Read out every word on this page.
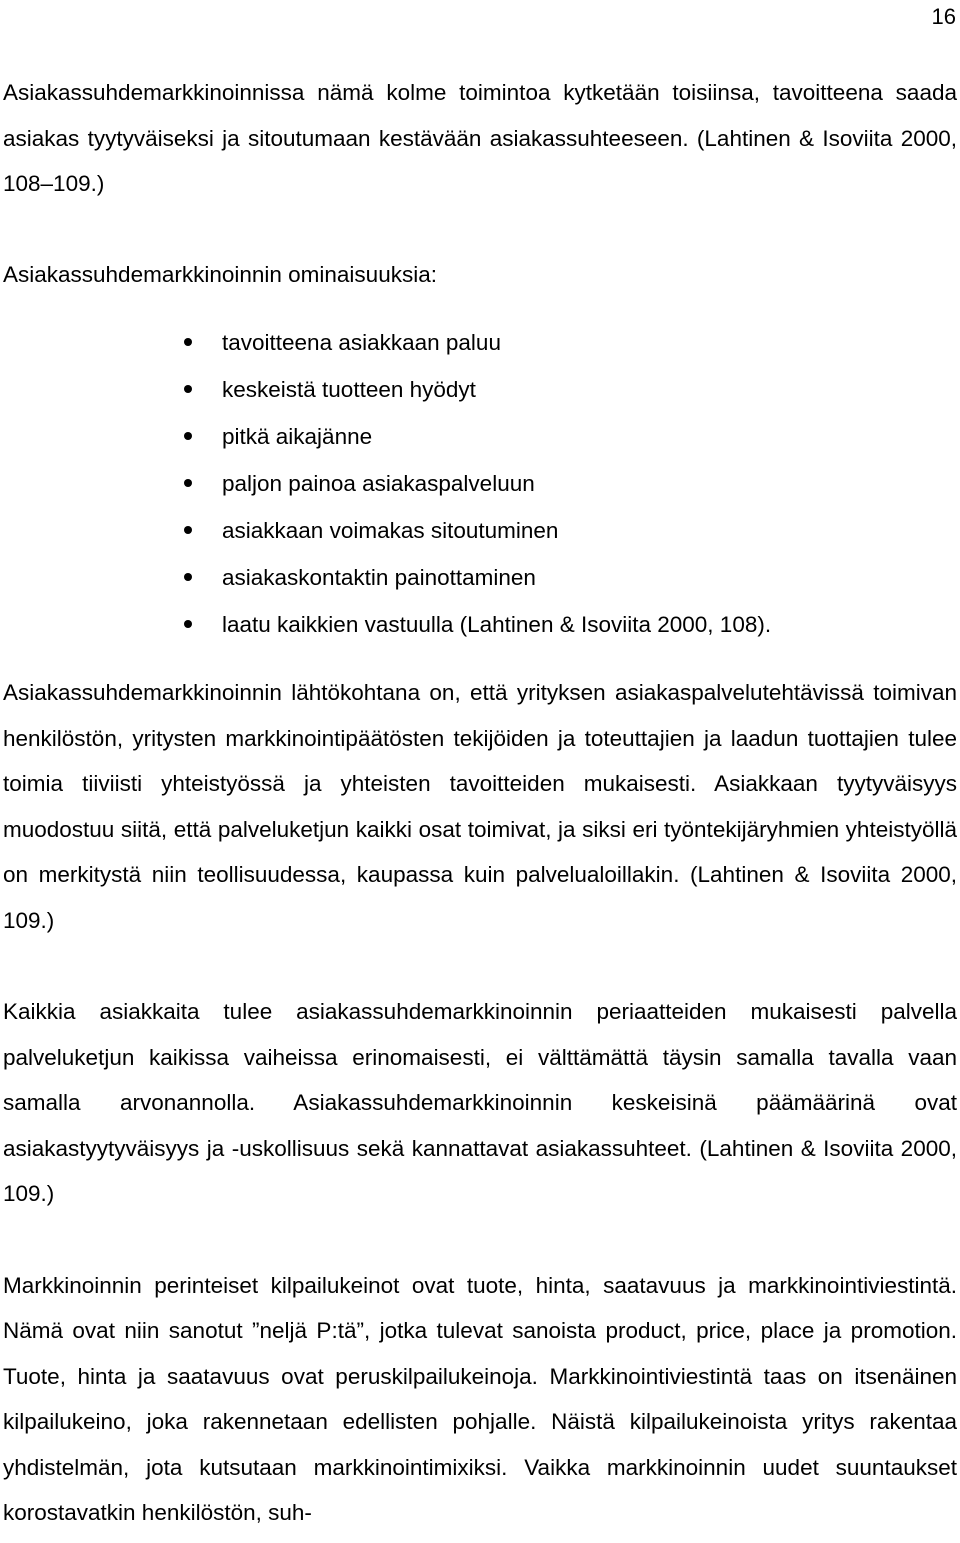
16

Asiakassuhdemarkkinoinnissa nämä kolme toimintoa kytketään toisiinsa, tavoitteena saada asiakas tyytyväiseksi ja sitoutumaan kestävään asiakassuhteeseen. (Lahtinen & Isoviita 2000, 108–109.)

Asiakassuhdemarkkinoinnin ominaisuuksia:

tavoitteena asiakkaan paluu
keskeistä tuotteen hyödyt
pitkä aikajänne
paljon painoa asiakaspalveluun
asiakkaan voimakas sitoutuminen
asiakaskontaktin painottaminen
laatu kaikkien vastuulla (Lahtinen & Isoviita 2000, 108).

Asiakassuhdemarkkinoinnin lähtökohtana on, että yrityksen asiakaspalvelutehtävissä toimivan henkilöstön, yritysten markkinointipäätösten tekijöiden ja toteuttajien ja laadun tuottajien tulee toimia tiiviisti yhteistyössä ja yhteisten tavoitteiden mukaisesti. Asiakkaan tyytyväisyys muodostuu siitä, että palveluketjun kaikki osat toimivat, ja siksi eri työntekijäryhmien yhteistyöllä on merkitystä niin teollisuudessa, kaupassa kuin palvelualoillakin. (Lahtinen & Isoviita 2000, 109.)

Kaikkia asiakkaita tulee asiakassuhdemarkkinoinnin periaatteiden mukaisesti palvella palveluketjun kaikissa vaiheissa erinomaisesti, ei välttämättä täysin samalla tavalla vaan samalla arvonannolla. Asiakassuhdemarkkinoinnin keskeisinä päämäärinä ovat asiakastyytyväisyys ja -uskollisuus sekä kannattavat asiakassuhteet. (Lahtinen & Isoviita 2000, 109.)

Markkinoinnin perinteiset kilpailukeinot ovat tuote, hinta, saatavuus ja markkinointiviestintä. Nämä ovat niin sanotut ”neljä P:tä”, jotka tulevat sanoista product, price, place ja promotion. Tuote, hinta ja saatavuus ovat peruskilpailukeinoja. Markkinointiviestintä taas on itsenäinen kilpailukeino, joka rakennetaan edellisten pohjalle. Näistä kilpailukeinoista yritys rakentaa yhdistelmän, jota kutsutaan markkinointimixiksi. Vaikka markkinoinnin uudet suuntaukset korostavatkin henkilöstön, suh-
